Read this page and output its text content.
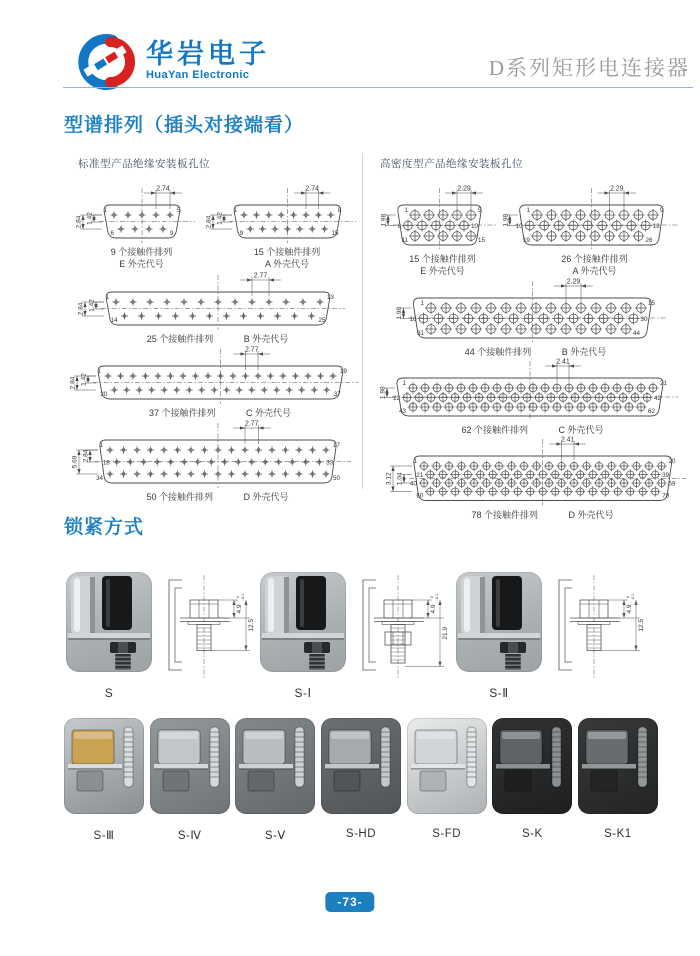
华岩电子
HuaYan Electronic	D系列矩形电连接器
型谱排列（插头对接端看）
标准型产品绝缘安装板孔位	高密度型产品绝缘安装板孔位
1	5
6	9
2.74
1.42
2.84
9 个接触件排列
E 外壳代号
1	8
9	15
2.74
1.42
2.84
15 个接触件排列
A 外壳代号
1	13
14	25
2.77
1.42
2.84
25 个接触件排列	B 外壳代号
1	19
20	37
2.77
1.42
2.84
37 个接触件排列	C 外壳代号
1	17
18	33
34	50
2.77
2.84
5.69
50 个接触件排列	D 外壳代号
1	5
6	10
11	15
2.29
1.98
15 个接触件排列
E 外壳代号
1	9
10	18
19	26
2.29
1.98
26 个接触件排列
A 外壳代号
1	15
16	30
31	44
2.29
1.98
44 个接触件排列	B 外壳代号
1	21
22	42
43	62
2.41
1.98
62 个接触件排列	C 外壳代号
1	20
21	39
40	59
60	78
2.41
1.04
3.12
78 个接触件排列	D 外壳代号
锁紧方式
S
4.9
0 -0.1
12.5
S-Ⅰ
4.9
0 -0.1
21.9
S-Ⅱ
4.9
0 -0.1
12.5
S-Ⅲ	S-Ⅳ	S-Ⅴ	S-HD	S-FD	S-K	S-K1
-73-
